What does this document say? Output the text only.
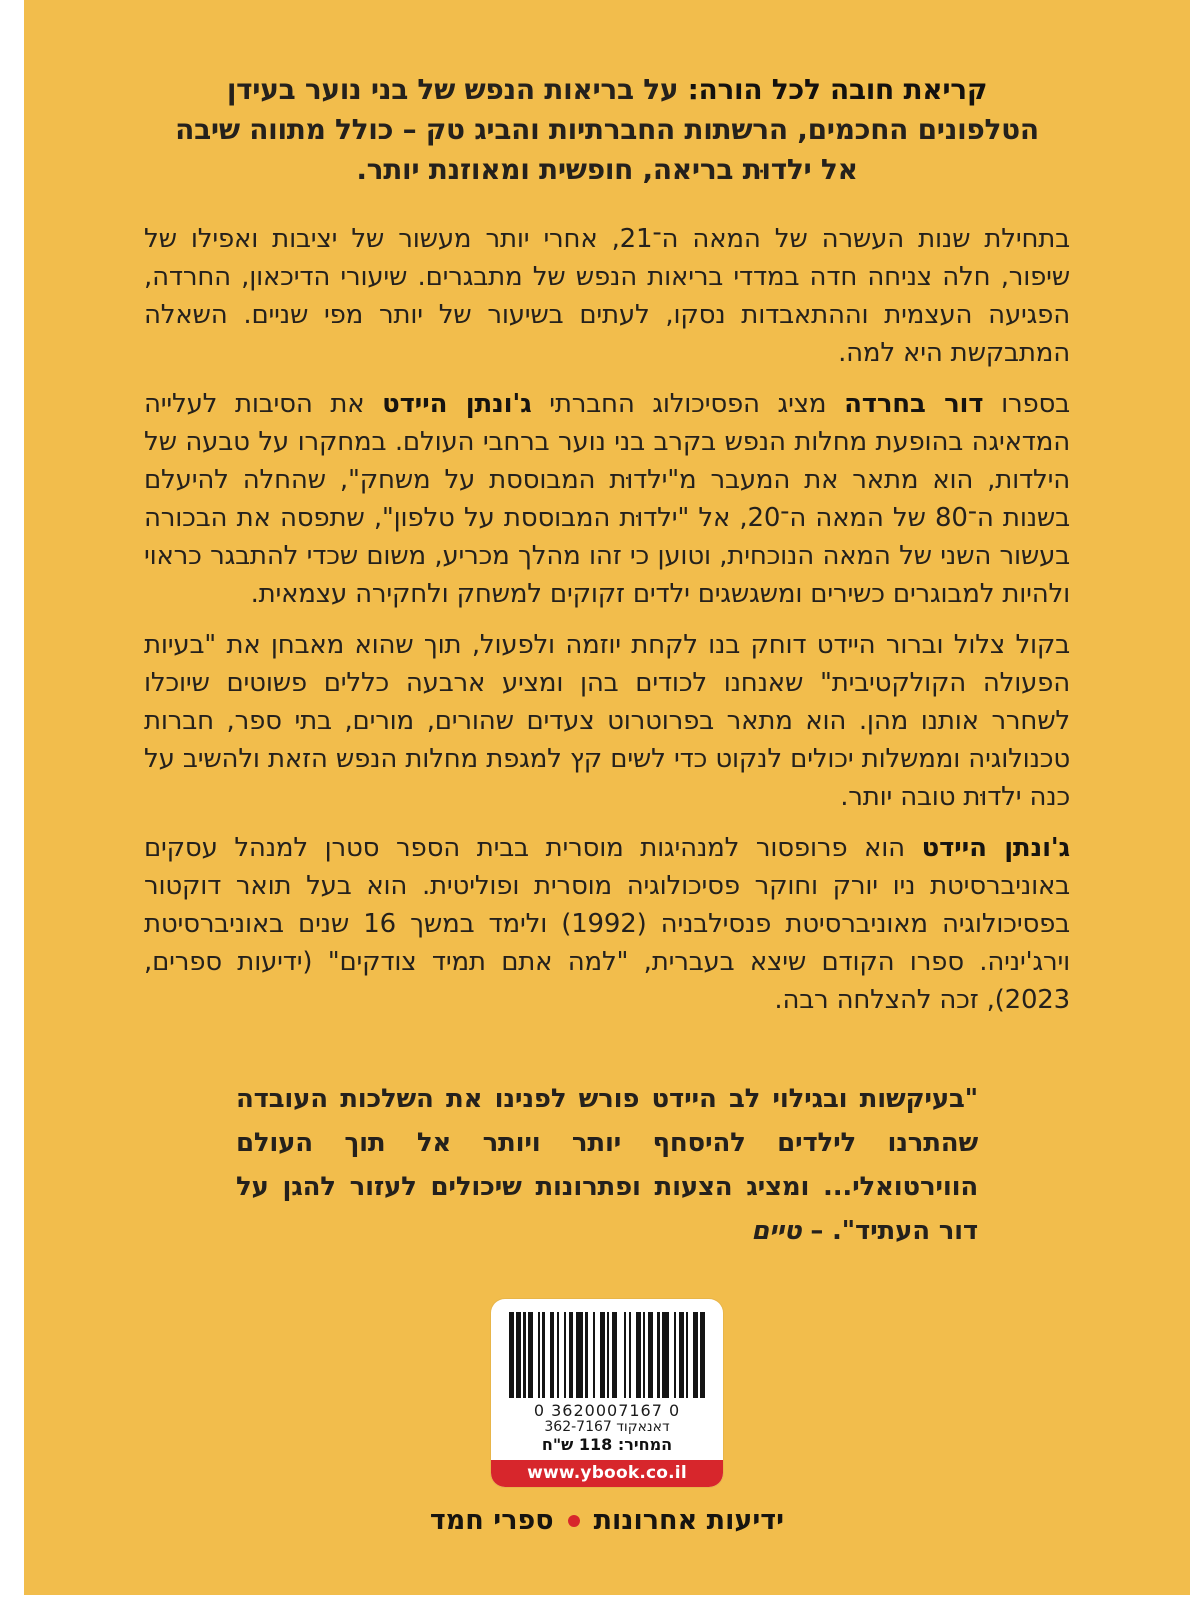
קריאת חובה לכל הורה: על בריאות הנפש של בני נוער בעידן הטלפונים החכמים, הרשתות החברתיות והביג טק – כולל מתווה שיבה אל ילדוּת בריאה, חופשית ומאוזנת יותר.

בתחילת שנות העשרה של המאה ה־21, אחרי יותר מעשור של יציבות ואפילו של שיפור, חלה צניחה חדה במדדי בריאות הנפש של מתבגרים. שיעורי הדיכאון, החרדה, הפגיעה העצמית וההתאבדות נסקו, לעתים בשיעור של יותר מפי שניים. השאלה המתבקשת היא למה.

בספרו דור בחרדה מציג הפסיכולוג החברתי ג'ונתן היידט את הסיבות לעלייה המדאיגה בהופעת מחלות הנפש בקרב בני נוער ברחבי העולם. במחקרו על טבעה של הילדות, הוא מתאר את המעבר מ"ילדוּת המבוססת על משחק", שהחלה להיעלם בשנות ה־80 של המאה ה־20, אל "ילדוּת המבוססת על טלפון", שתפסה את הבכורה בעשור השני של המאה הנוכחית, וטוען כי זהו מהלך מכריע, משום שכדי להתבגר כראוי ולהיות למבוגרים כשירים ומשגשגים ילדים זקוקים למשחק ולחקירה עצמאית.

בקול צלול וברור היידט דוחק בנו לקחת יוזמה ולפעול, תוך שהוא מאבחן את "בעיות הפעולה הקולקטיבית" שאנחנו לכודים בהן ומציע ארבעה כללים פשוטים שיוכלו לשחרר אותנו מהן. הוא מתאר בפרוטרוט צעדים שהורים, מורים, בתי ספר, חברות טכנולוגיה וממשלות יכולים לנקוט כדי לשים קץ למגפת מחלות הנפש הזאת ולהשיב על כנה ילדוּת טובה יותר.

ג'ונתן היידט הוא פרופסור למנהיגות מוסרית בבית הספר סטרן למנהל עסקים באוניברסיטת ניו יורק וחוקר פסיכולוגיה מוסרית ופוליטית. הוא בעל תואר דוקטור בפסיכולוגיה מאוניברסיטת פנסילבניה (1992) ולימד במשך 16 שנים באוניברסיטת וירג'יניה. ספרו הקודם שיצא בעברית, "למה אתם תמיד צודקים" (ידיעות ספרים, 2023), זכה להצלחה רבה.

"בעיקשות ובגילוי לב היידט פורש לפנינו את השלכות העובדה שהתרנו לילדים להיסחף יותר ויותר אל תוך העולם הווירטואלי... ומציג הצעות ופתרונות שיכולים לעזור להגן על דור העתיד". – טיים

0 3620007167 0
דאנאקוד 362-7167
המחיר: 118 ש"ח
www.ybook.co.il
ידיעות אחרונות
ספרי חמד
